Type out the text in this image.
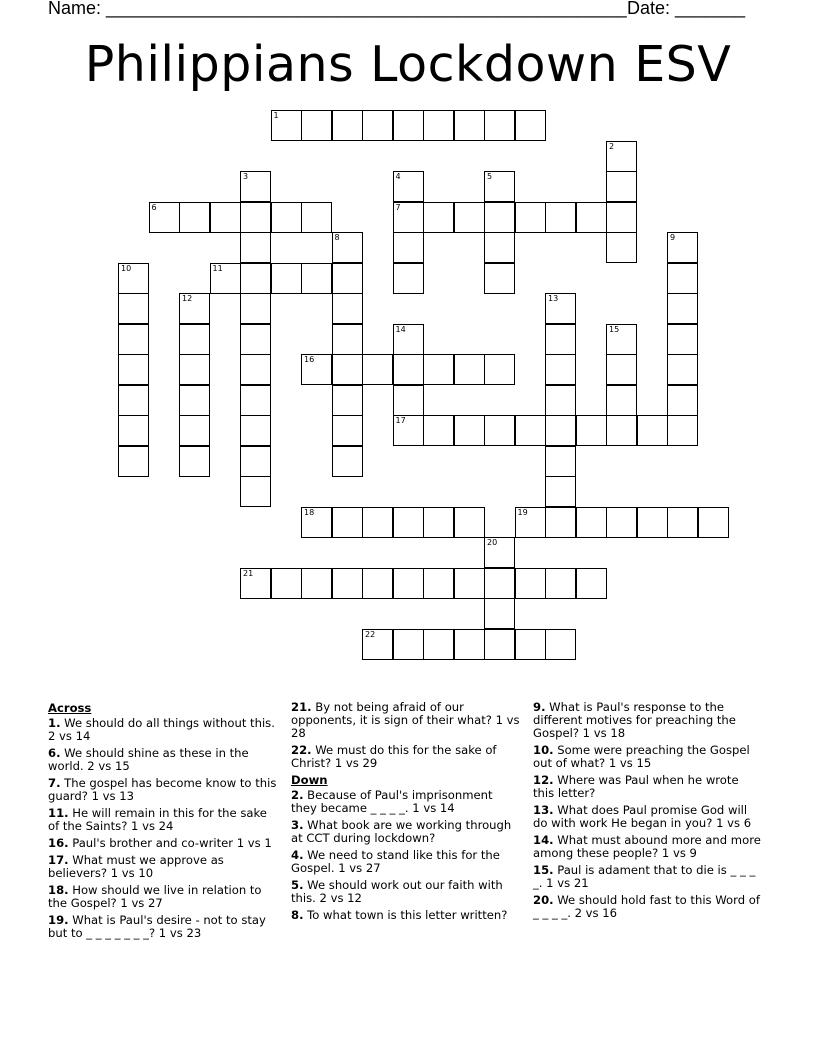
Name: ____________________________________________________ Date: _______
Philippians Lockdown ESV
1
2
3	4	5
6	7
8	9
10	11
12	13
14	15
16
17
18	19
20
21
22
Across
1. We should do all things without this. 2 vs 14
6. We should shine as these in the world. 2 vs 15
7. The gospel has become know to this guard? 1 vs 13
11. He will remain in this for the sake of the Saints? 1 vs 24
16. Paul's brother and co-writer 1 vs 1
17. What must we approve as believers? 1 vs 10
18. How should we live in relation to the Gospel? 1 vs 27
19. What is Paul's desire - not to stay but to _ _ _ _ _ _ _? 1 vs 23
21. By not being afraid of our opponents, it is sign of their what? 1 vs 28
22. We must do this for the sake of Christ? 1 vs 29
Down
2. Because of Paul's imprisonment they became _ _ _ _. 1 vs 14
3. What book are we working through at CCT during lockdown?
4. We need to stand like this for the Gospel. 1 vs 27
5. We should work out our faith with this. 2 vs 12
8. To what town is this letter written?
9. What is Paul's response to the different motives for preaching the Gospel? 1 vs 18
10. Some were preaching the Gospel out of what? 1 vs 15
12. Where was Paul when he wrote this letter?
13. What does Paul promise God will do with work He began in you? 1 vs 6
14. What must abound more and more among these people? 1 vs 9
15. Paul is adament that to die is _ _ _ _. 1 vs 21
20. We should hold fast to this Word of _ _ _ _. 2 vs 16
